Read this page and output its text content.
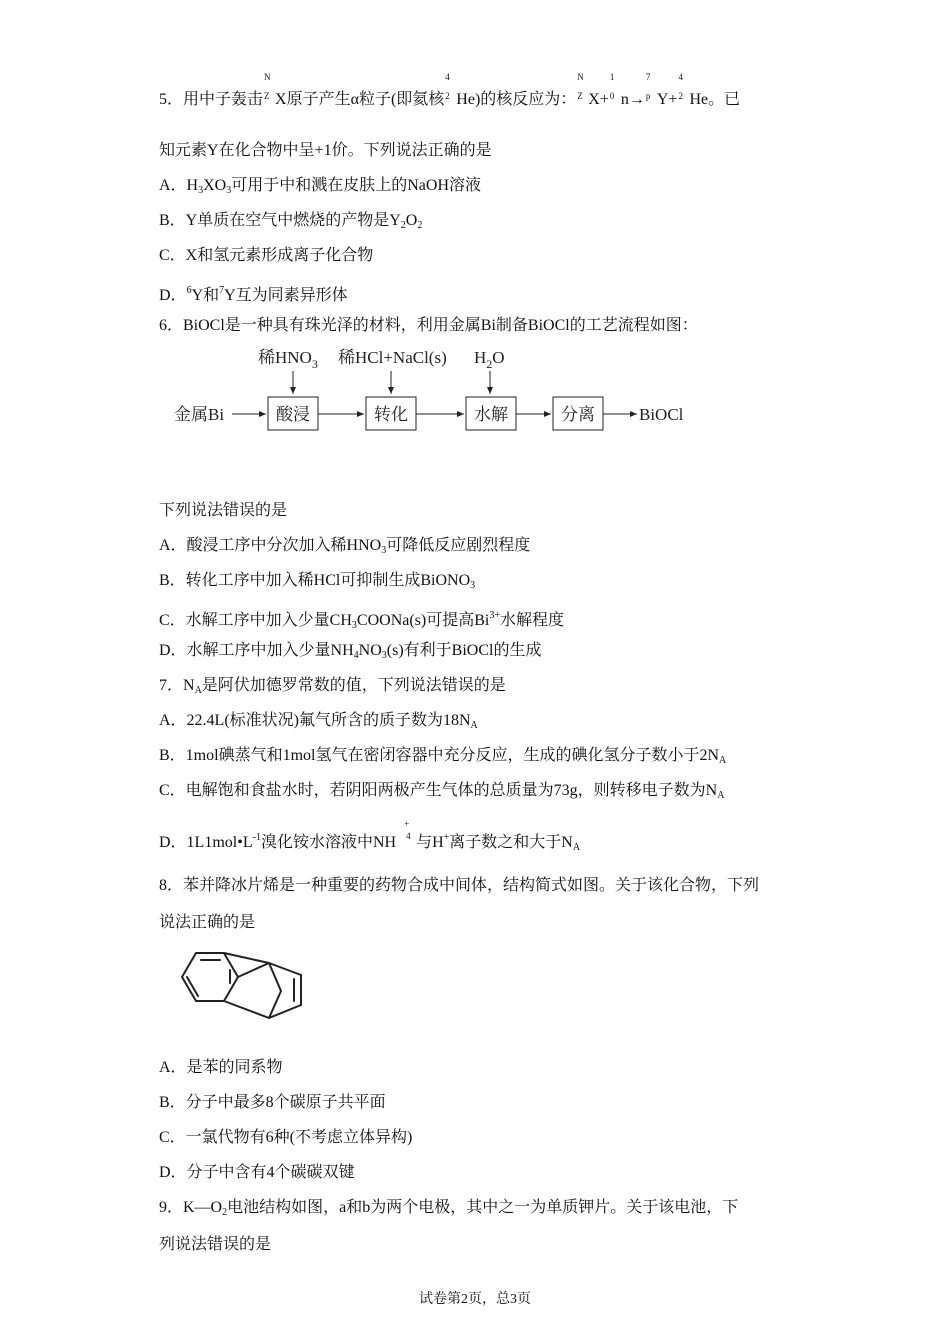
5．用中子轰击
N
Z X原子产生α粒子(即氦核
4
2 He)的核反应为：
N
Z X+
1
0 n→
7
p Y+
4
2 He。已
知元素Y在化合物中呈+1价。下列说法正确的是
A．$H_3XO_3$可用于中和溅在皮肤上的NaOH溶液
B．Y单质在空气中燃烧的产物是$Y_2O_2$
C．X和氢元素形成离子化合物
D．$^6$Y和$^7$Y互为同素异形体
6．BiOCl是一种具有珠光泽的材料，利用金属Bi制备BiOCl的工艺流程如图：
稀$HNO_3$ 稀HCl+NaCl(s) $H_2O$
金属Bi	酸浸	转化	水解	分离	BiOCl
下列说法错误的是
A．酸浸工序中分次加入稀$HNO_3$可降低反应剧烈程度
B．转化工序中加入稀HCl可抑制生成BiONO$_3$
C．水解工序中加入少量$CH_3COONa(s)$可提高$Bi^{3+}$水解程度
D．水解工序中加入少量$NH_4NO_3(s)$有利于BiOCl的生成
7．$N_A$是阿伏加德罗常数的值，下列说法错误的是
A．22.4L(标准状况)氟气所含的质子数为$18N_A$
B．1mol碘蒸气和1mol氢气在密闭容器中充分反应，生成的碘化氢分子数小于$2N_A$
C．电解饱和食盐水时，若阴阳两极产生气体的总质量为73g，则转移电子数为$N_A$
D．$1L1mol•L^{-1}$溴化铵水溶液中NH
+
4 与H+离子数之和大于$N_A$
8．苯并降冰片烯是一种重要的药物合成中间体，结构简式如图。关于该化合物，下列
说法正确的是
A．是苯的同系物
B．分子中最多8个碳原子共平面
C．一氯代物有6种(不考虑立体异构)
D．分子中含有4个碳碳双键
9．$K—O_2$电池结构如图，a和b为两个电极，其中之一为单质钾片。关于该电池，下
列说法错误的是
试卷第2页，总3页
